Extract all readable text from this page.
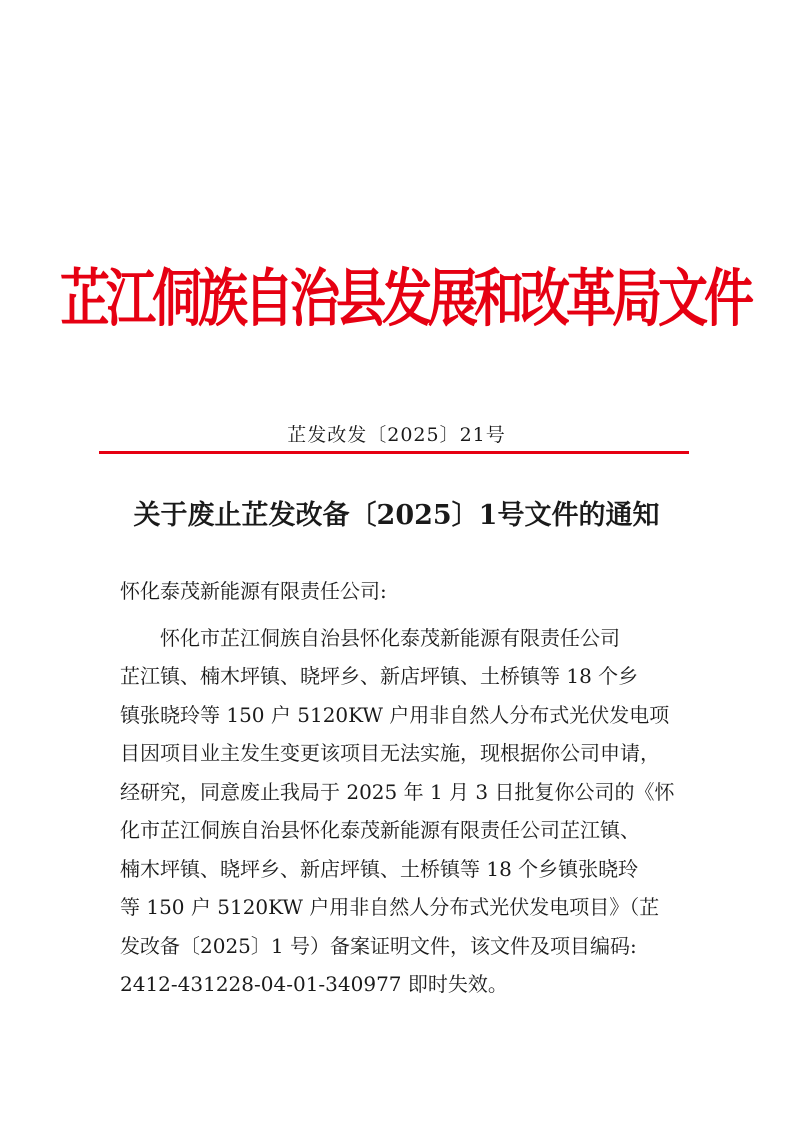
芷江侗族自治县发展和改革局文件
芷发改发〔2025〕21号
关于废止芷发改备〔2025〕1号文件的通知
怀化泰茂新能源有限责任公司:
怀化市芷江侗族自治县怀化泰茂新能源有限责任公司
芷江镇、楠木坪镇、晓坪乡、新店坪镇、土桥镇等 18 个乡
镇张晓玲等 150 户 5120KW 户用非自然人分布式光伏发电项
目因项目业主发生变更该项目无法实施，现根据你公司申请，
经研究，同意废止我局于 2025 年 1 月 3 日批复你公司的《怀
化市芷江侗族自治县怀化泰茂新能源有限责任公司芷江镇、
楠木坪镇、晓坪乡、新店坪镇、土桥镇等 18 个乡镇张晓玲
等 150 户 5120KW 户用非自然人分布式光伏发电项目》（芷
发改备〔2025〕1 号）备案证明文件，该文件及项目编码:
2412-431228-04-01-340977 即时失效。
